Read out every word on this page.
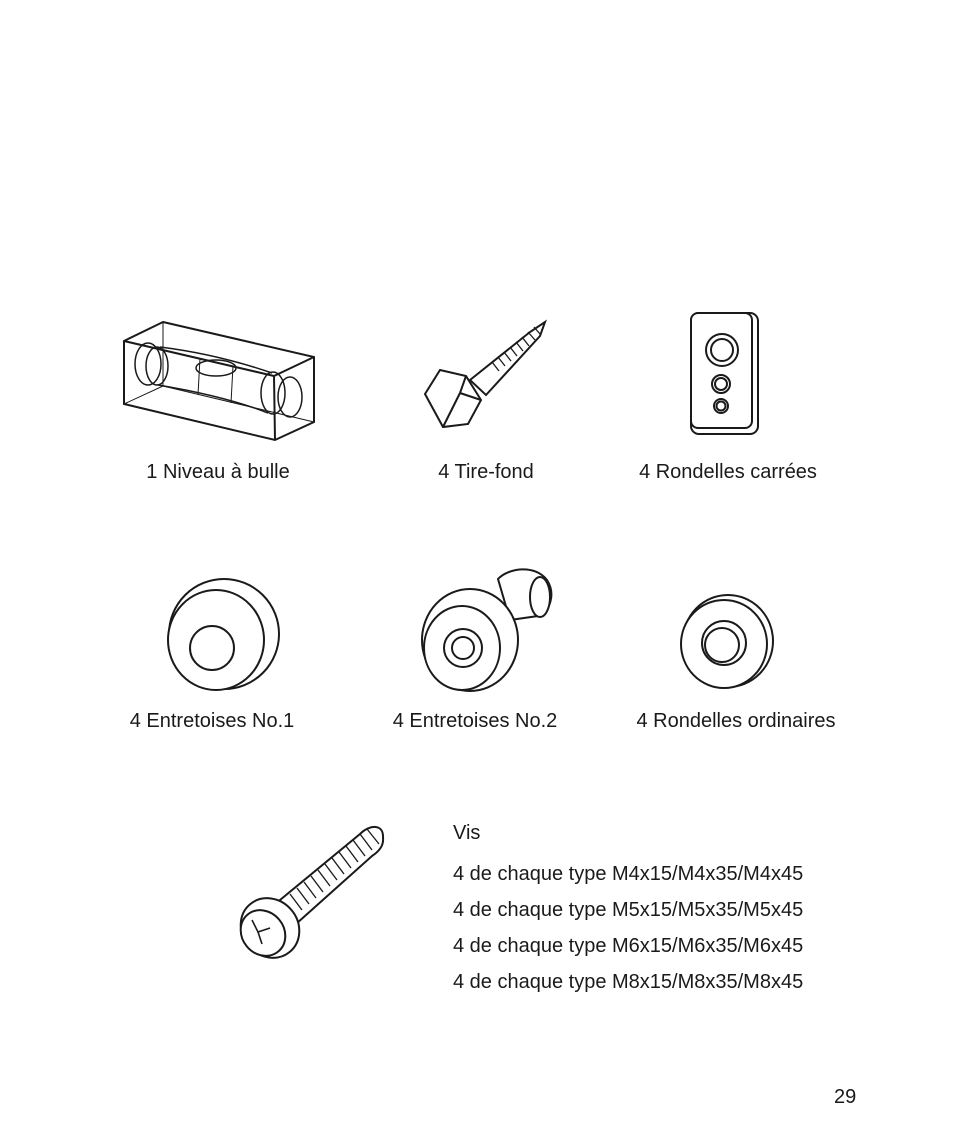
1 Niveau à bulle	4 Tire-fond	4 Rondelles carrées
4 Entretoises No.1	4 Entretoises No.2	4 Rondelles ordinaires
Vis
4 de chaque type M4x15/M4x35/M4x45
4 de chaque type M5x15/M5x35/M5x45
4 de chaque type M6x15/M6x35/M6x45
4 de chaque type M8x15/M8x35/M8x45
29
